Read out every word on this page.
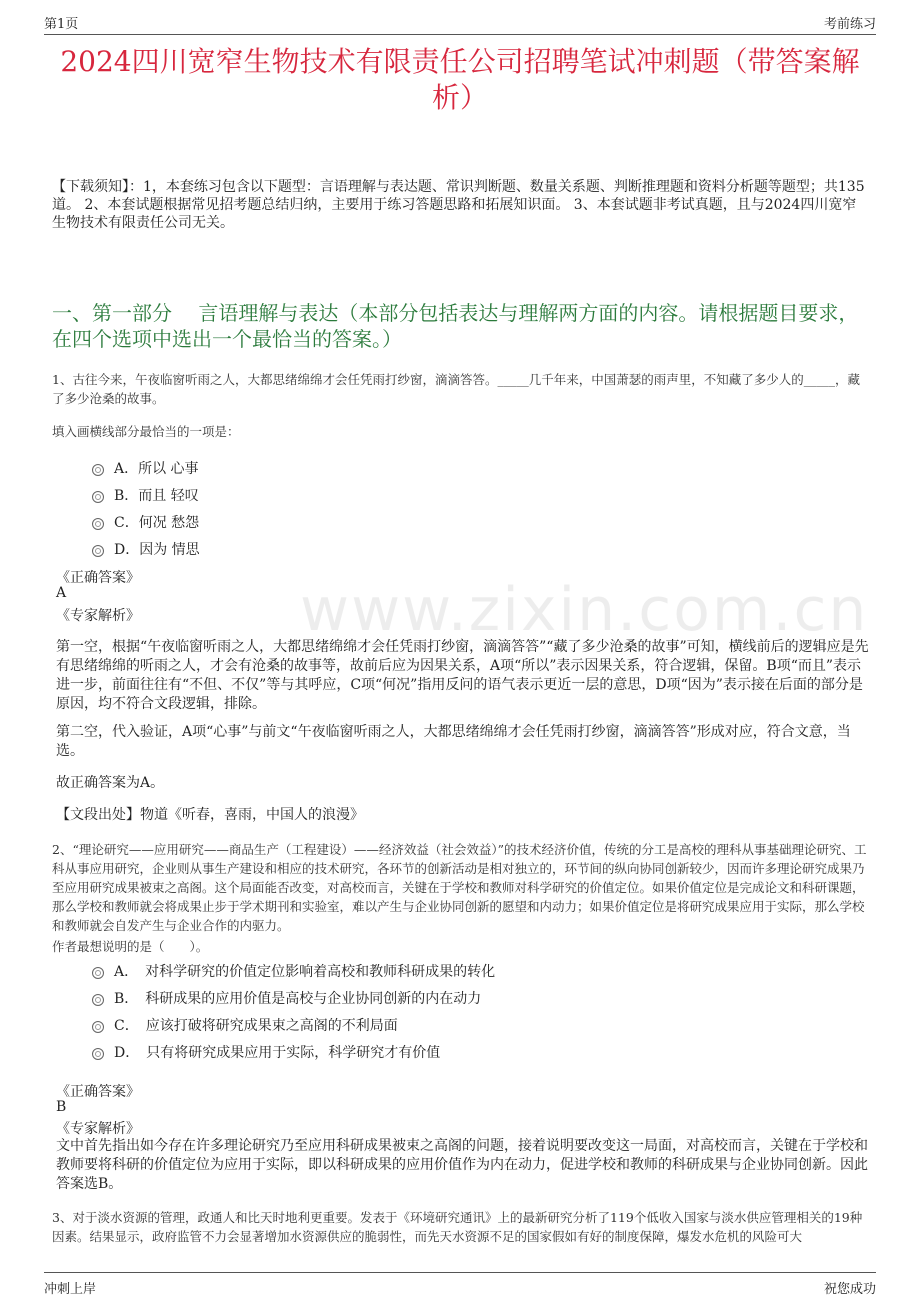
第1页	考前练习
www.zixin.com.cn
2024四川宽窄生物技术有限责任公司招聘笔试冲刺题（带答案解析）
【下载须知】：1，本套练习包含以下题型：言语理解与表达题、常识判断题、数量关系题、判断推理题和资料分析题等题型；共135道。 2、本套试题根据常见招考题总结归纳，主要用于练习答题思路和拓展知识面。 3、本套试题非考试真题，且与2024四川宽窄生物技术有限责任公司无关。
一、第一部分　 言语理解与表达（本部分包括表达与理解两方面的内容。请根据题目要求，在四个选项中选出一个最恰当的答案。）
1、古往今来，午夜临窗听雨之人，大都思绪绵绵才会任凭雨打纱窗，滴滴答答。_____几千年来，中国萧瑟的雨声里，不知藏了多少人的_____，藏了多少沧桑的故事。
填入画横线部分最恰当的一项是：
A．所以 心事
B．而且 轻叹
C．何况 愁怨
D．因为 情思
《正确答案》
A
《专家解析》
第一空，根据“午夜临窗听雨之人，大都思绪绵绵才会任凭雨打纱窗，滴滴答答”“藏了多少沧桑的故事”可知，横线前后的逻辑应是先有思绪绵绵的听雨之人，才会有沧桑的故事等，故前后应为因果关系，A项“所以”表示因果关系，符合逻辑，保留。B项“而且”表示进一步，前面往往有“不但、不仅”等与其呼应，C项“何况”指用反问的语气表示更近一层的意思，D项“因为”表示接在后面的部分是原因，均不符合文段逻辑，排除。
第二空，代入验证，A项“心事”与前文“午夜临窗听雨之人，大都思绪绵绵才会任凭雨打纱窗，滴滴答答”形成对应，符合文意，当选。
故正确答案为A。
【文段出处】物道《听春，喜雨，中国人的浪漫》
2、“理论研究——应用研究——商品生产（工程建设）——经济效益（社会效益）”的技术经济价值，传统的分工是高校的理科从事基础理论研究、工科从事应用研究，企业则从事生产建设和相应的技术研究，各环节的创新活动是相对独立的，环节间的纵向协同创新较少，因而许多理论研究成果乃至应用研究成果被束之高阁。这个局面能否改变，对高校而言，关键在于学校和教师对科学研究的价值定位。如果价值定位是完成论文和科研课题，那么学校和教师就会将成果止步于学术期刊和实验室，难以产生与企业协同创新的愿望和内动力；如果价值定位是将研究成果应用于实际，那么学校和教师就会自发产生与企业合作的内驱力。
作者最想说明的是（　　）。
A．　对科学研究的价值定位影响着高校和教师科研成果的转化
B．　科研成果的应用价值是高校与企业协同创新的内在动力
C．　应该打破将研究成果束之高阁的不利局面
D．　只有将研究成果应用于实际，科学研究才有价值
《正确答案》
B
《专家解析》
文中首先指出如今存在许多理论研究乃至应用科研成果被束之高阁的问题，接着说明要改变这一局面，对高校而言，关键在于学校和教师要将科研的价值定位为应用于实际，即以科研成果的应用价值作为内在动力，促进学校和教师的科研成果与企业协同创新。因此答案选B。
3、对于淡水资源的管理，政通人和比天时地利更重要。发表于《环境研究通讯》上的最新研究分析了119个低收入国家与淡水供应管理相关的19种因素。结果显示，政府监管不力会显著增加水资源供应的脆弱性，而先天水资源不足的国家假如有好的制度保障，爆发水危机的风险可大
冲刺上岸	祝您成功
